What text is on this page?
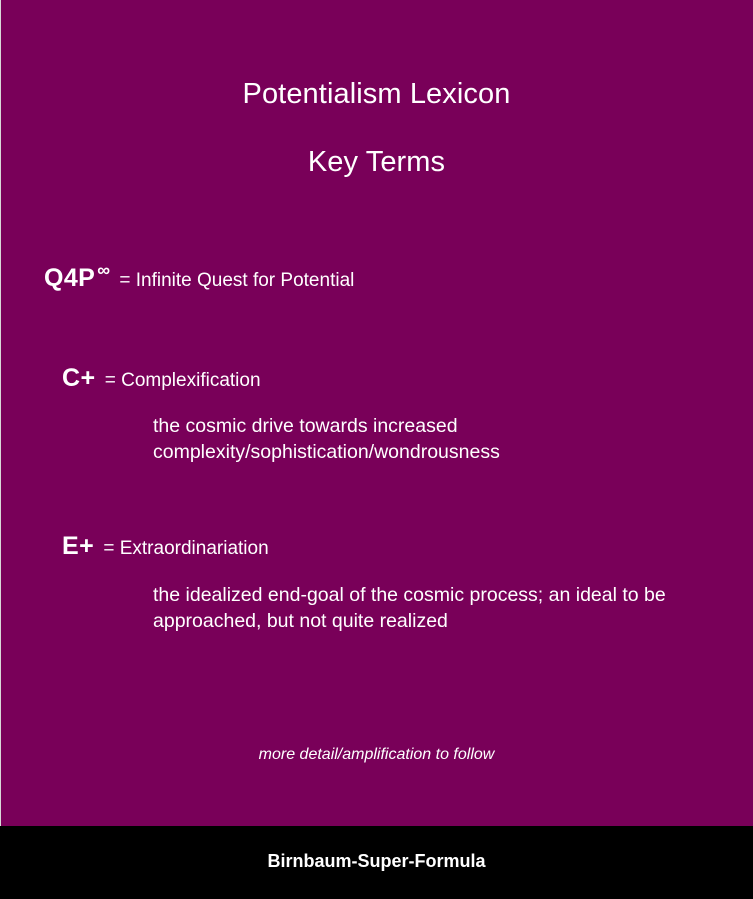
Potentialism Lexicon
Key Terms
Q4P ∞ = Infinite Quest for Potential
C+ = Complexification
the cosmic drive towards increased
complexity/sophistication/wondrousness
E+ = Extraordinariation
the idealized end-goal of the cosmic process; an ideal to be
approached, but not quite realized
more detail/amplification to follow
Birnbaum-Super-Formula
